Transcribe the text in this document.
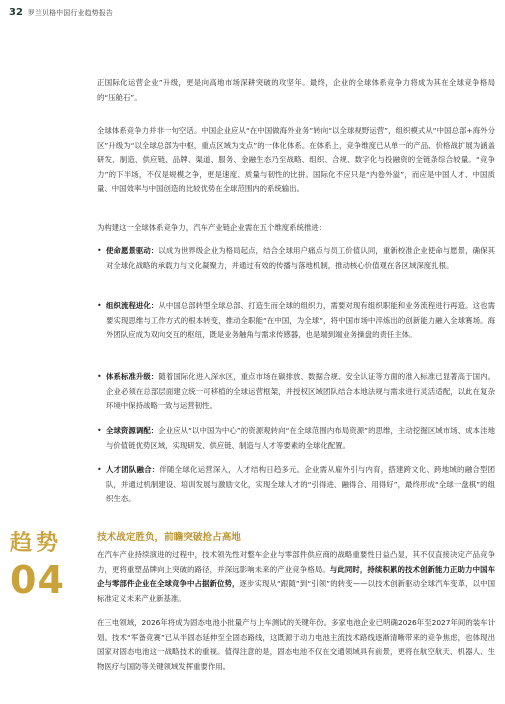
32 罗兰贝格中国行业趋势报告

正国际化运营企业”升级，更是向高地市场深耕突破的攻坚年。最终，企业的全球体系竞争力将成为其在全球竞争格局的“压舱石”。

全球体系竞争力并非一句空话。中国企业应从“在中国做海外业务”转向“以全球视野运营”，组织模式从“中国总部+海外分区”升级为“以全球总部为中枢，重点区域为支点”的一体化体系。在体系上，竞争维度已从单一的产品、价格战扩展为涵盖研发、制造、供应链、品牌、渠道、服务、金融生态乃至战略、组织、合规、数字化与投融资的全链条综合较量。“竞争力”的下半场，不仅是规模之争，更是速度、质量与韧性的比拼。国际化不应只是“内卷外溢”，而应是中国人才、中国质量、中国效率与中国创造的比较优势在全球范围内的系统输出。

为构建这一全球体系竞争力，汽车产业链企业需在五个维度系统推进：

• 使命愿景驱动：以成为世界级企业为格局起点，结合全球用户痛点与员工价值认同，重新校准企业使命与愿景，确保其对全球化战略的承载力与文化凝聚力，并通过有效的传播与落地机制，推动核心价值观在各区域深度扎根。
• 组织流程进化：从中国总部转型全球总部、打造生而全球的组织力，需要对现有组织职能和业务流程进行再造。这也需要实现思维与工作方式的根本转变，推动全职能“在中国，为全球”，将中国市场中淬炼出的创新能力融入全球赛场。海外团队应成为双向交互的枢纽，既是业务触角与需求传感器，也是端到端业务操盘的责任主体。
• 体系标准升级：随着国际化进入深水区，重点市场在碳排放、数据合规、安全认证等方面的准入标准已显著高于国内。企业必须在总部层面建立统一可移植的全球运营框架，并授权区域团队结合本地法规与需求进行灵活适配，以此在复杂环境中保持战略一致与运营韧性。
• 全球资源调配：企业应从“以中国为中心”的资源观转向“在全球范围内布局资源”的思维，主动挖掘区域市场、成本洼地与价值链优势区域，实现研发、供应链、制造与人才等要素的全球化配置。
• 人才团队融合：伴随全球化运营深入，人才结构日趋多元。企业需从雇外引与内育，搭建跨文化、跨地域的融合型团队，并通过机制建设、培训发展与激励文化，实现全球人才的“引得进、融得合、用得好”，最终形成“全球一盘棋”的组织生态。
趋势
04
技术战定胜负，前瞻突破抢占高地

在汽车产业持续演进的过程中，技术领先性对整车企业与零部件供应商的战略重要性日益凸显，其不仅直接决定产品竞争力，更将重塑品牌向上突破的路径，并深远影响未来的产业竞争格局。与此同时，持续积累的技术创新能力正助力中国车企与零部件企业在全球竞争中占据新位势，逐步实现从“跟随”到“引领”的转变——以技术创新驱动全球汽车变革，以中国标准定义未来产业新基准。

在三电领域，2026年将成为固态电池小批量产与上车测试的关键年份。多家电池企业已明确2026年至2027年间的装车计划。技术“军备竞赛”已从半固态延伸至全固态路线，这既源于动力电池主流技术路线逐渐清晰带来的竞争焦虑，也体现出国家对固态电池这一战略技术的重视。值得注意的是，固态电池不仅在交通领域具有前景，更将在航空航天、机器人、生物医疗与国防等关键领域发挥重要作用。
